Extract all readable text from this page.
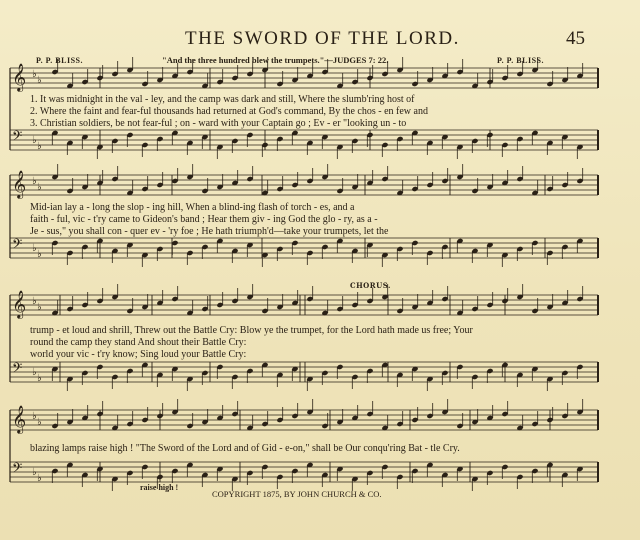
THE SWORD OF THE LORD.	45
P. P. BLISS.	"And the three hundred blew the trumpets."—JUDGES 7: 22.	P. P. BLISS.
𝄞 ♭
♭
𝄢 ♭
♭
𝄞 ♭
♭
𝄢 ♭
♭
𝄞 ♭
♭
𝄢 ♭
♭
𝄞 ♭
♭
𝄢 ♭
♭
1. It was midnight in the val - ley, and the camp was dark and still, Where the slumb'ring host of
2. Where the faint and fear-ful thousands had returned at God's command, By the chos - en few and
3. Christian soldiers, be not fear-ful ; on - ward with your Captain go ; Ev - er "looking un - to
Mid-ian lay a - long the slop - ing hill, When a blind-ing flash of torch - es, and a
faith - ful, vic - t'ry came to Gideon's band ; Hear them giv - ing God the glo - ry, as a -
Je - sus," you shall con - quer ev - 'ry foe ; He hath triumph'd—take your trumpets, let the
CHORUS.
trump - et loud and shrill, Threw out the Battle Cry: Blow ye the trumpet, for the Lord hath made us free; Your
round the camp they stand And shout their Battle Cry:
world your vic - t'ry know; Sing loud your Battle Cry:
blazing lamps raise high ! "The Sword of the Lord and of Gid - e-on," shall be Our conqu'ring Bat - tle Cry.
raise high !
COPYRIGHT 1875, BY JOHN CHURCH & CO.
